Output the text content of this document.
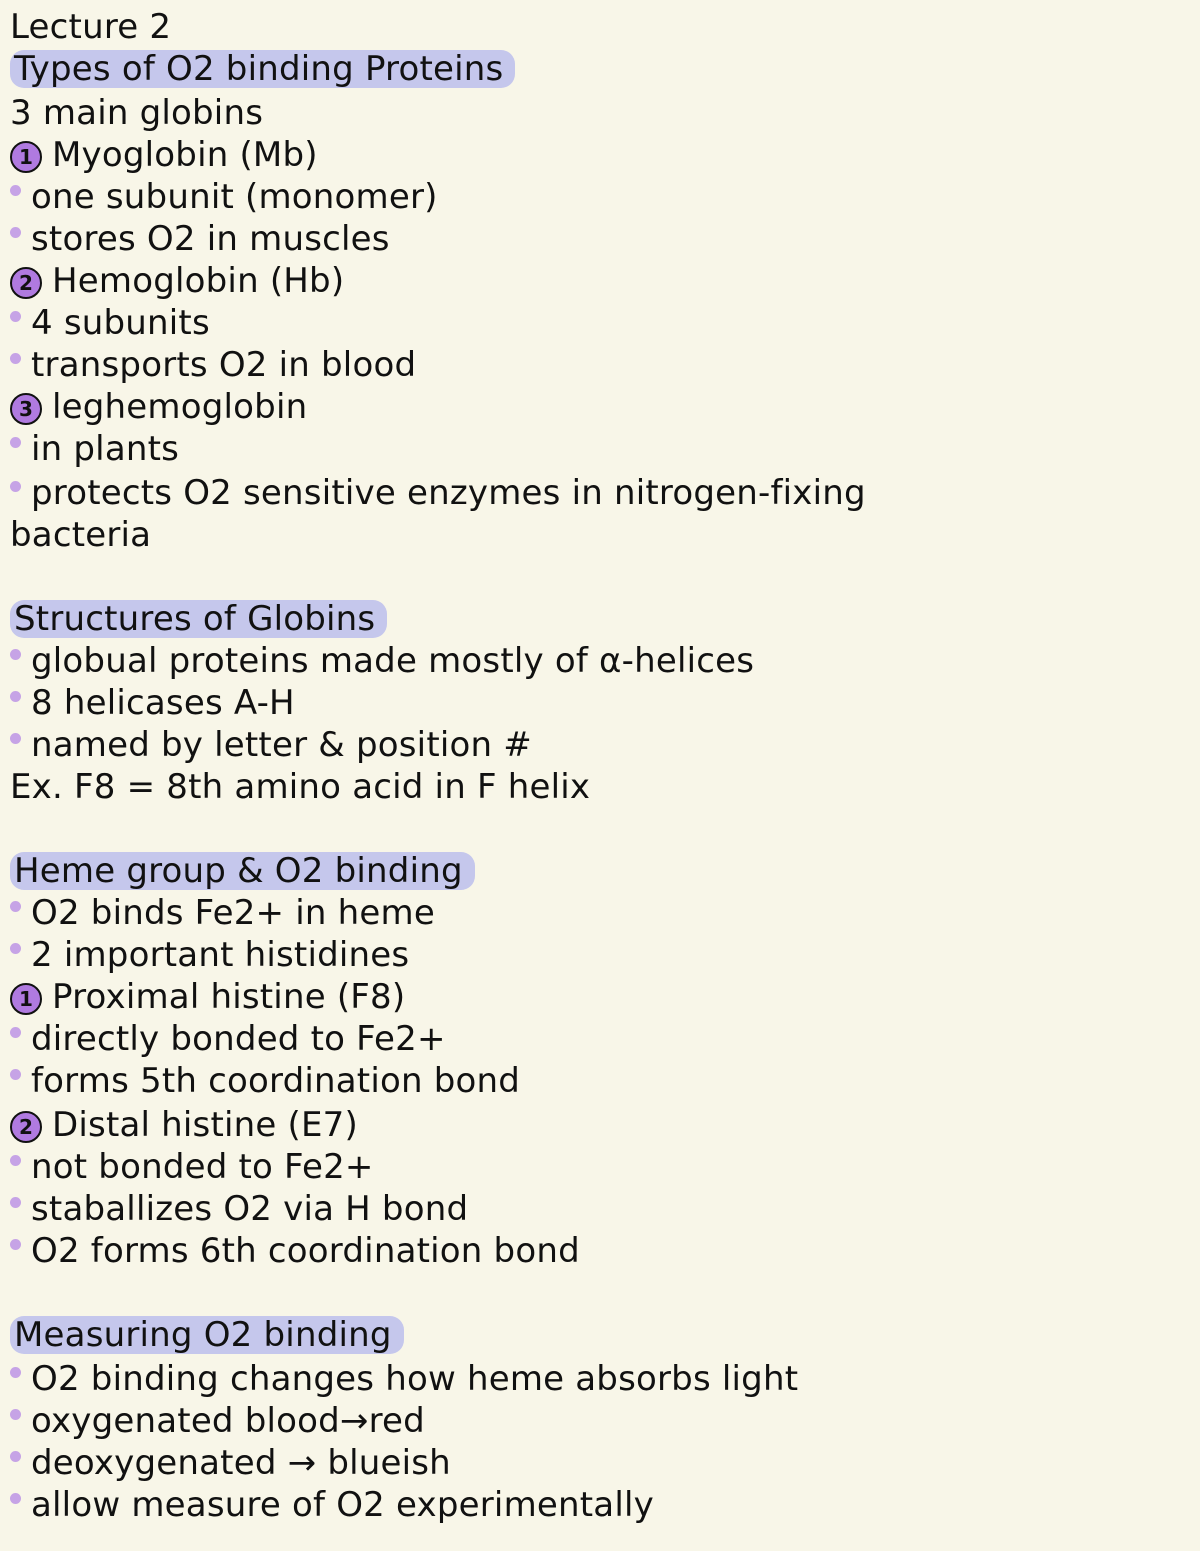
Lecture 2

Types of O2 binding Proteins

3 main globins

1 Myoglobin (Mb)

one subunit (monomer)

stores O2 in muscles

2 Hemoglobin (Hb)

4 subunits

transports O2 in blood

3 leghemoglobin

in plants

protects O2 sensitive enzymes in nitrogen-fixing

bacteria

Structures of Globins

globual proteins made mostly of α-helices

8 helicases A-H

named by letter & position #

Ex. F8 = 8th amino acid in F helix

Heme group & O2 binding

O2 binds Fe2+ in heme

2 important histidines

1 Proximal histine (F8)

directly bonded to Fe2+

forms 5th coordination bond

2 Distal histine (E7)

not bonded to Fe2+

staballizes O2 via H bond

O2 forms 6th coordination bond

Measuring O2 binding

O2 binding changes how heme absorbs light

oxygenated blood→red

deoxygenated → blueish

allow measure of O2 experimentally
